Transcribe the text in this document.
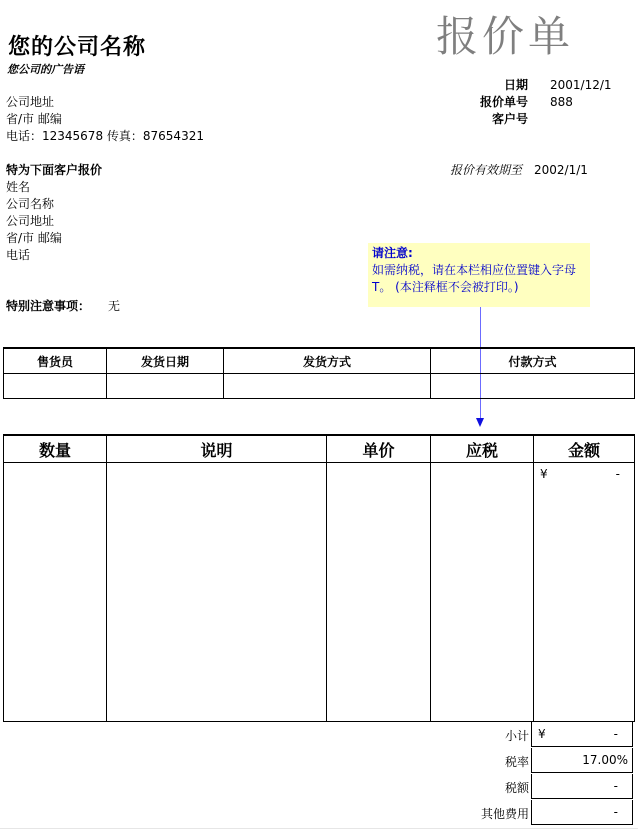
您的公司名称
您公司的广告语
报价单
公司地址
省/市 邮编
电话：12345678 传真：87654321
日期 2001/12/1
报价单号 888
客户号
特为下面客户报价
姓名
公司名称
公司地址
省/市 邮编
电话
报价有效期至 2002/1/1
特别注意事项： 无
请注意:
如需纳税，请在本栏相应位置键入字母 T。 (本注释框不会被打印。)
售货员	发货日期	发货方式	付款方式

数量	说明	单价	应税	金额

				¥ -
小计 ¥	-
税率	17.00%
税额	-
其他费用	-
